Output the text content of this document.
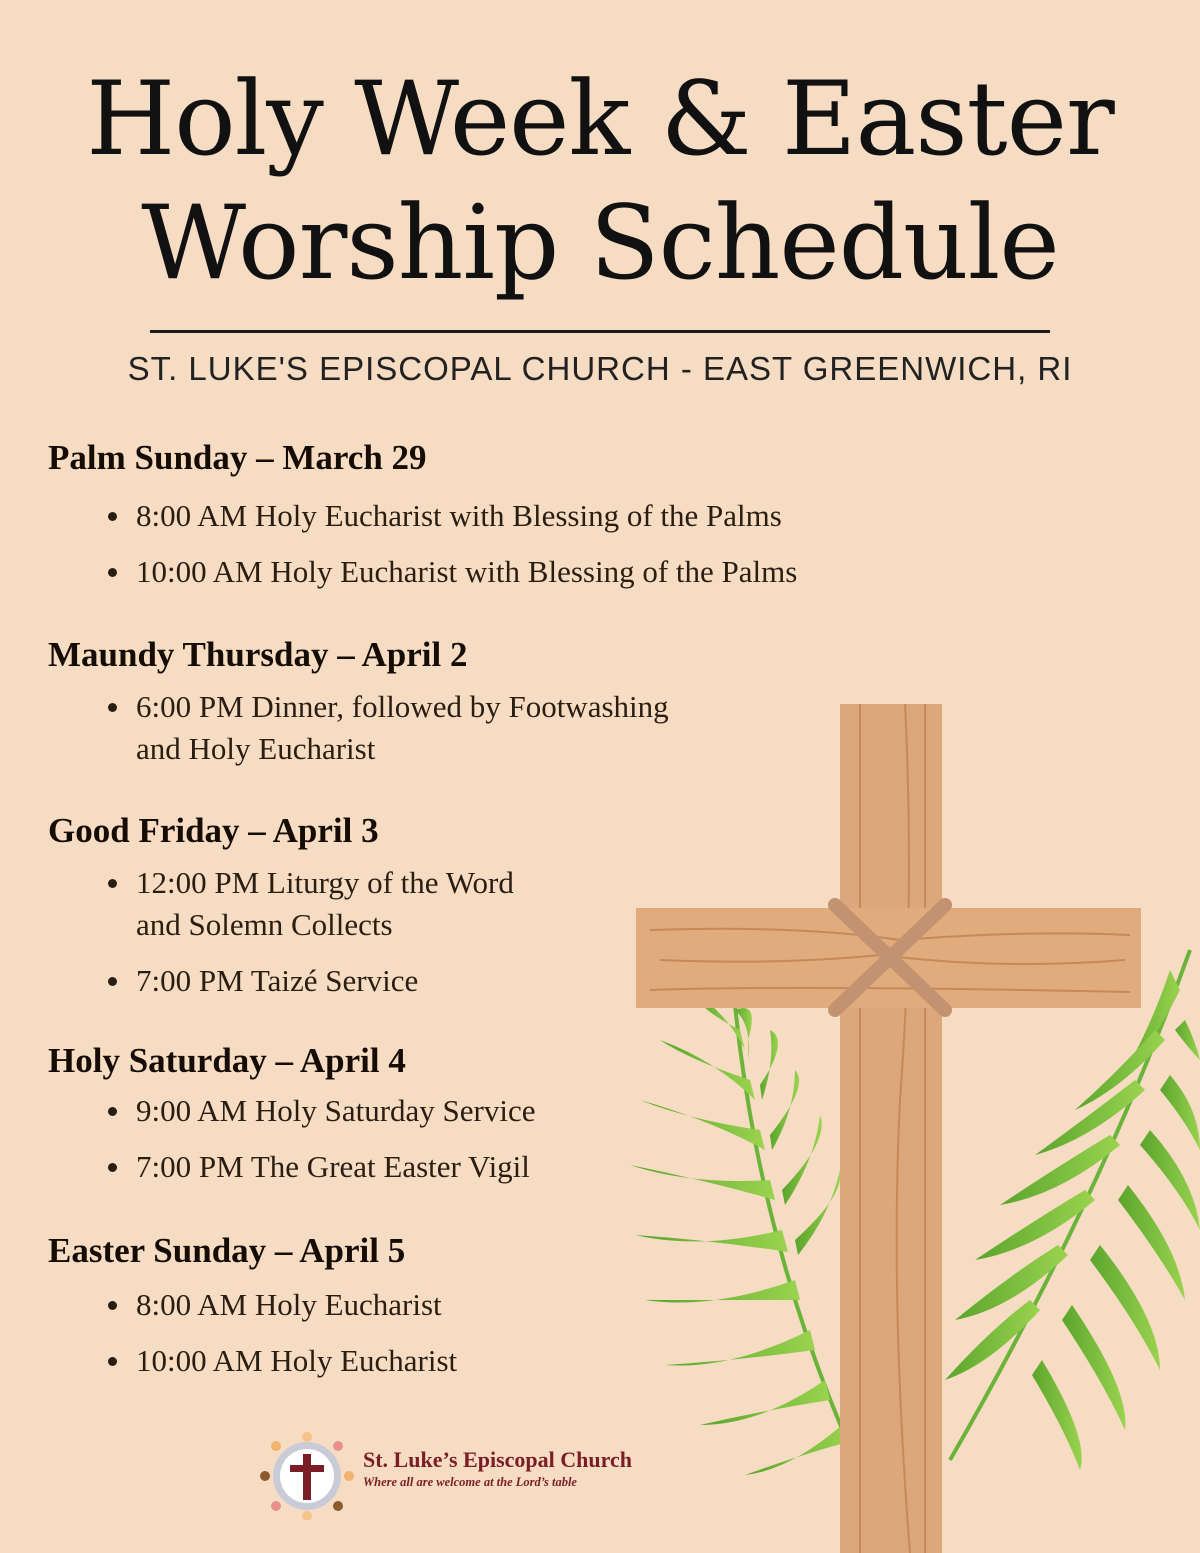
Holy Week & Easter
Worship Schedule

ST. LUKE'S EPISCOPAL CHURCH - EAST GREENWICH, RI

Palm Sunday – March 29

8:00 AM Holy Eucharist with Blessing of the Palms

10:00 AM Holy Eucharist with Blessing of the Palms

Maundy Thursday – April 2

6:00 PM Dinner, followed by Footwashing
and Holy Eucharist

Good Friday – April 3

12:00 PM Liturgy of the Word
and Solemn Collects

7:00 PM Taizé Service

Holy Saturday – April 4

9:00 AM Holy Saturday Service

7:00 PM The Great Easter Vigil

Easter Sunday – April 5

8:00 AM Holy Eucharist

10:00 AM Holy Eucharist

St. Luke’s Episcopal Church

Where all are welcome at the Lord’s table
